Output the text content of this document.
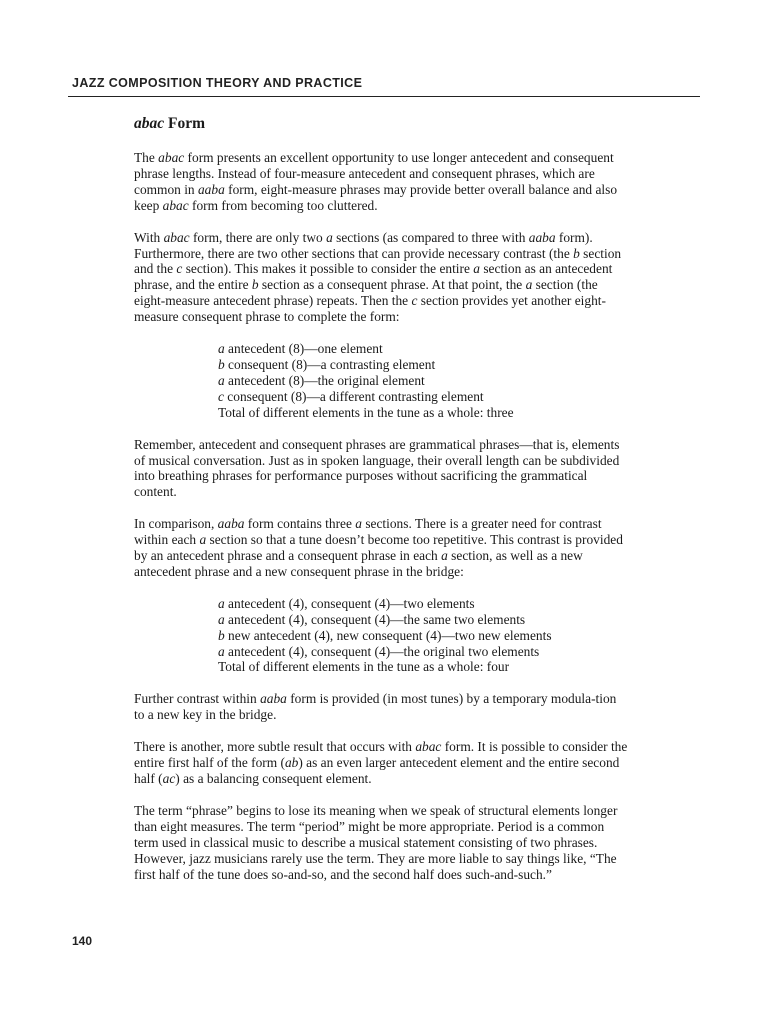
JAZZ COMPOSITION THEORY AND PRACTICE
abac Form

The abac form presents an excellent opportunity to use longer antecedent and consequent phrase lengths. Instead of four-measure antecedent and consequent phrases, which are common in aaba form, eight-measure phrases may provide better overall balance and also keep abac form from becoming too cluttered.

With abac form, there are only two a sections (as compared to three with aaba form). Furthermore, there are two other sections that can provide necessary contrast (the b section and the c section). This makes it possible to consider the entire a section as an antecedent phrase, and the entire b section as a consequent phrase. At that point, the a section (the eight-measure antecedent phrase) repeats. Then the c section provides yet another eight-measure consequent phrase to complete the form:

a antecedent (8)—one element
b consequent (8)—a contrasting element
a antecedent (8)—the original element
c consequent (8)—a different contrasting element
Total of different elements in the tune as a whole: three

Remember, antecedent and consequent phrases are grammatical phrases—that is, elements of musical conversation. Just as in spoken language, their overall length can be subdivided into breathing phrases for performance purposes without sacrificing the grammatical content.

In comparison, aaba form contains three a sections. There is a greater need for contrast within each a section so that a tune doesn’t become too repetitive. This contrast is provided by an antecedent phrase and a consequent phrase in each a section, as well as a new antecedent phrase and a new consequent phrase in the bridge:

a antecedent (4), consequent (4)—two elements
a antecedent (4), consequent (4)—the same two elements
b new antecedent (4), new consequent (4)—two new elements
a antecedent (4), consequent (4)—the original two elements
Total of different elements in the tune as a whole: four

Further contrast within aaba form is provided (in most tunes) by a temporary modula-tion to a new key in the bridge.

There is another, more subtle result that occurs with abac form. It is possible to consider the entire first half of the form (ab) as an even larger antecedent element and the entire second half (ac) as a balancing consequent element.

The term “phrase” begins to lose its meaning when we speak of structural elements longer than eight measures. The term “period” might be more appropriate. Period is a common term used in classical music to describe a musical statement consisting of two phrases. However, jazz musicians rarely use the term. They are more liable to say things like, “The first half of the tune does so-and-so, and the second half does such-and-such.”

140
